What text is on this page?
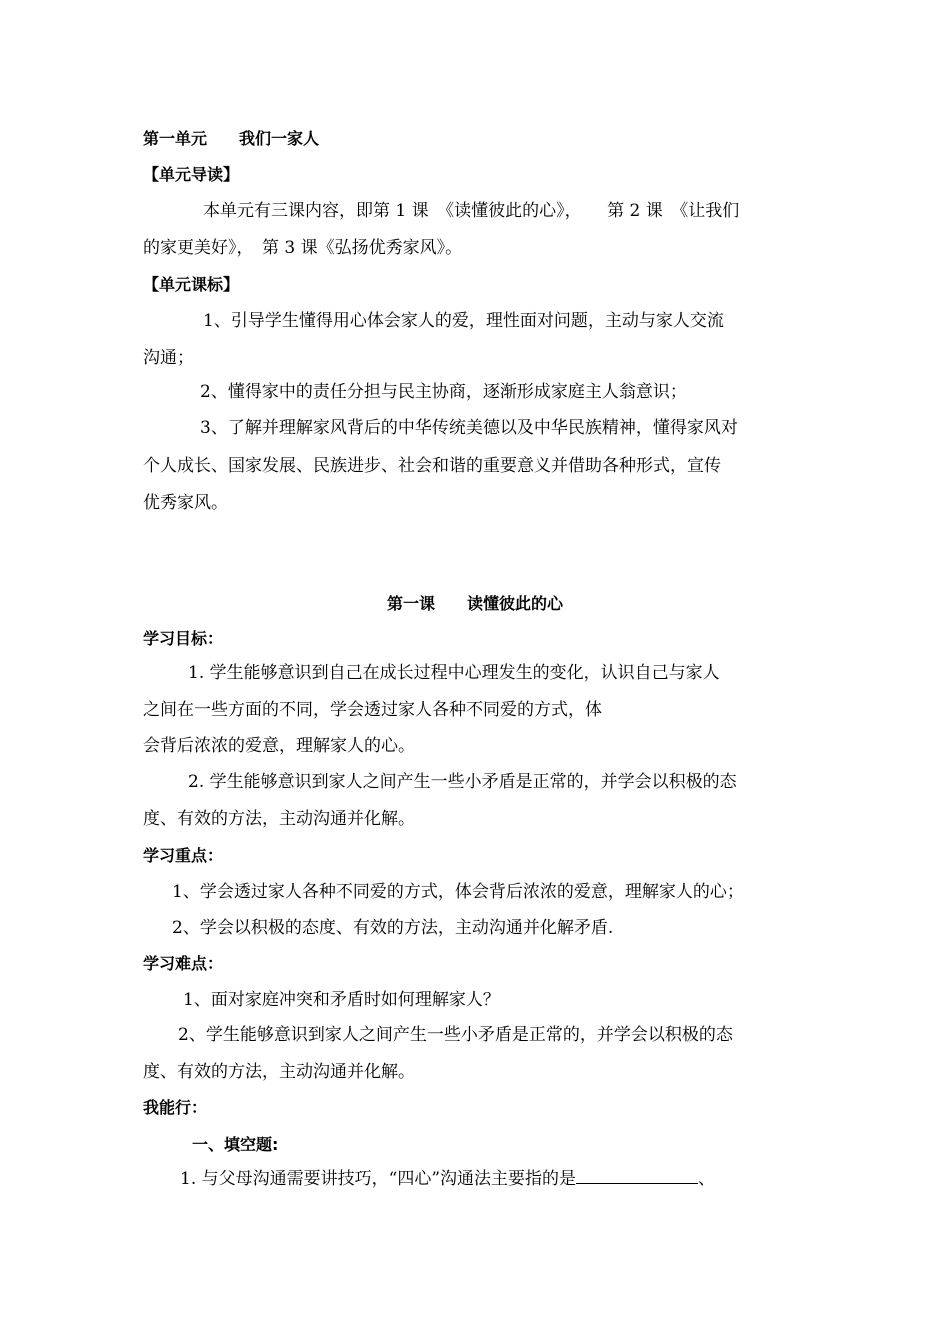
第一单元　　我们一家人
【单元导读】
本单元有三课内容，即第 1 课　《读懂彼此的心》，　　第 2 课　《让我们
的家更美好》，　第 3 课《弘扬优秀家风》。
【单元课标】
1、引导学生懂得用心体会家人的爱，理性面对问题，主动与家人交流
沟通；
2、懂得家中的责任分担与民主协商，逐渐形成家庭主人翁意识；
3、了解并理解家风背后的中华传统美德以及中华民族精神，懂得家风对
个人成长、国家发展、民族进步、社会和谐的重要意义并借助各种形式，宣传
优秀家风。
第一课　　读懂彼此的心
学习目标：
1. 学生能够意识到自己在成长过程中心理发生的变化，认识自己与家人
之间在一些方面的不同，学会透过家人各种不同爱的方式，体
会背后浓浓的爱意，理解家人的心。
2. 学生能够意识到家人之间产生一些小矛盾是正常的，并学会以积极的态
度、有效的方法，主动沟通并化解。
学习重点：
1、学会透过家人各种不同爱的方式，体会背后浓浓的爱意，理解家人的心；
2、学会以积极的态度、有效的方法，主动沟通并化解矛盾.
学习难点：
1、面对家庭冲突和矛盾时如何理解家人？
2、学生能够意识到家人之间产生一些小矛盾是正常的，并学会以积极的态
度、有效的方法，主动沟通并化解。
我能行：
一、填空题:
1. 与父母沟通需要讲技巧，“四心”沟通法主要指的是	、
